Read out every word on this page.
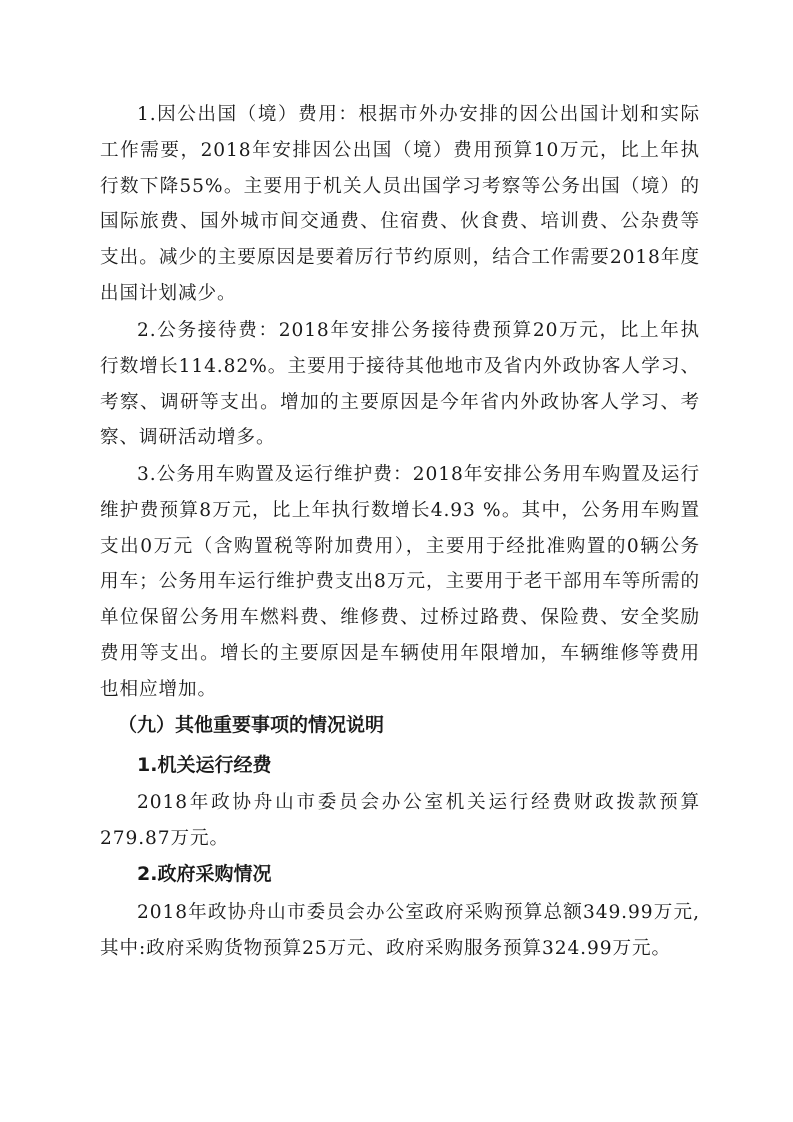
1.因公出国（境）费用：根据市外办安排的因公出国计划和实际工作需要，2018年安排因公出国（境）费用预算10万元，比上年执行数下降55%。主要用于机关人员出国学习考察等公务出国（境）的国际旅费、国外城市间交通费、住宿费、伙食费、培训费、公杂费等支出。减少的主要原因是要着厉行节约原则，结合工作需要2018年度出国计划减少。

2.公务接待费：2018年安排公务接待费预算20万元，比上年执行数增长114.82%。主要用于接待其他地市及省内外政协客人学习、考察、调研等支出。增加的主要原因是今年省内外政协客人学习、考察、调研活动增多。

3.公务用车购置及运行维护费：2018年安排公务用车购置及运行维护费预算8万元，比上年执行数增长4.93 %。其中，公务用车购置支出0万元（含购置税等附加费用），主要用于经批准购置的0辆公务用车；公务用车运行维护费支出8万元，主要用于老干部用车等所需的单位保留公务用车燃料费、维修费、过桥过路费、保险费、安全奖励费用等支出。增长的主要原因是车辆使用年限增加，车辆维修等费用也相应增加。

（九）其他重要事项的情况说明
1.机关运行经费

2018年政协舟山市委员会办公室机关运行经费财政拨款预算279.87万元。

2.政府采购情况

2018年政协舟山市委员会办公室政府采购预算总额349.99万元,其中:政府采购货物预算25万元、政府采购服务预算324.99万元。
